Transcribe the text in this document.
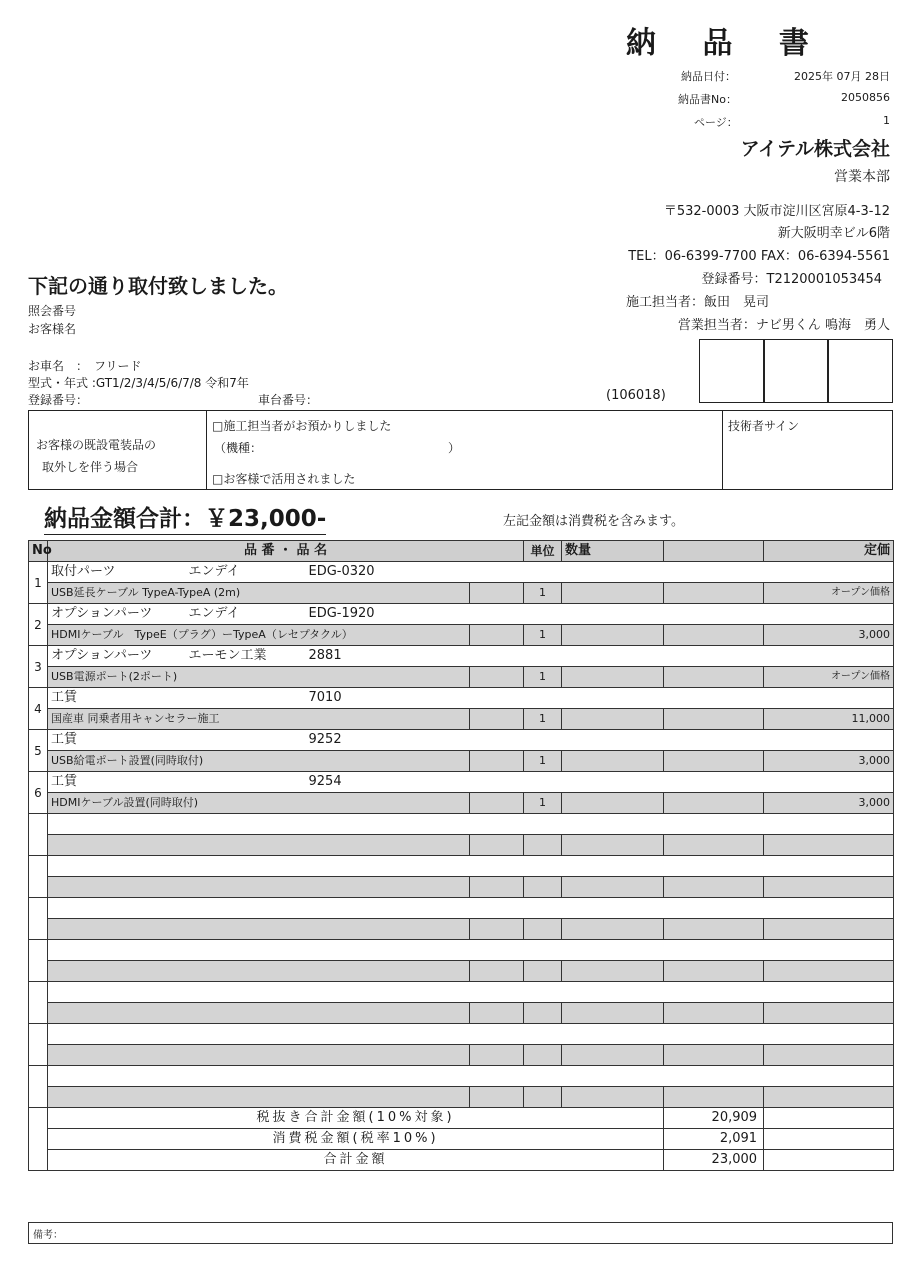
納 品 書
納品日付：	2025年 07月 28日
納品書No：	2050856
ページ：	1
アイテル株式会社
営業本部
〒532-0003 大阪市淀川区宮原4-3-12
新大阪明幸ビル6階
TEL：06-6399-7700 FAX：06-6394-5561
登録番号：T2120001053454
施工担当者：飯田　晃司
営業担当者：ナビ男くん 鳴海　勇人
下記の通り取付致しました。
照会番号
お客様名
お車名　：　フリード
型式・年式 :GT1/2/3/4/5/6/7/8 令和7年
登録番号：	車台番号：	(106018)
お客様の既設電装品の
取外しを伴う場合
□施工担当者がお預かりしました
（機種：　　　　　　　　　　　　　　　　）
□お客様で活用されました
技術者サイン
納品金額合計：￥23,000-	左記金額は消費税を含みます。
No	品 番 ・ 品 名				単位	数量		定価
1	取付パーツ	エンデイ	EDG-0320					
	USB延長ケーブル TypeA-TypeA (2m)				1			オープン価格
2	オプションパーツ	エンデイ	EDG-1920					
	HDMIケーブル　TypeE（プラグ）ーTypeA（レセプタクル）				1			3,000
3	オプションパーツ	エーモン工業	2881					
	USB電源ポート(2ポート)				1			オープン価格
4	工賃		7010					
	国産車 同乗者用キャンセラー施工				1			11,000
5	工賃		9252					
	USB給電ポート設置(同時取付)				1			3,000
6	工賃		9254					
	HDMIケーブル設置(同時取付)				1			3,000

	税抜き合計金額(10%対象)						20,909	
	消費税金額(税率10%)						2,091	
	合計金額						23,000	
備考：
